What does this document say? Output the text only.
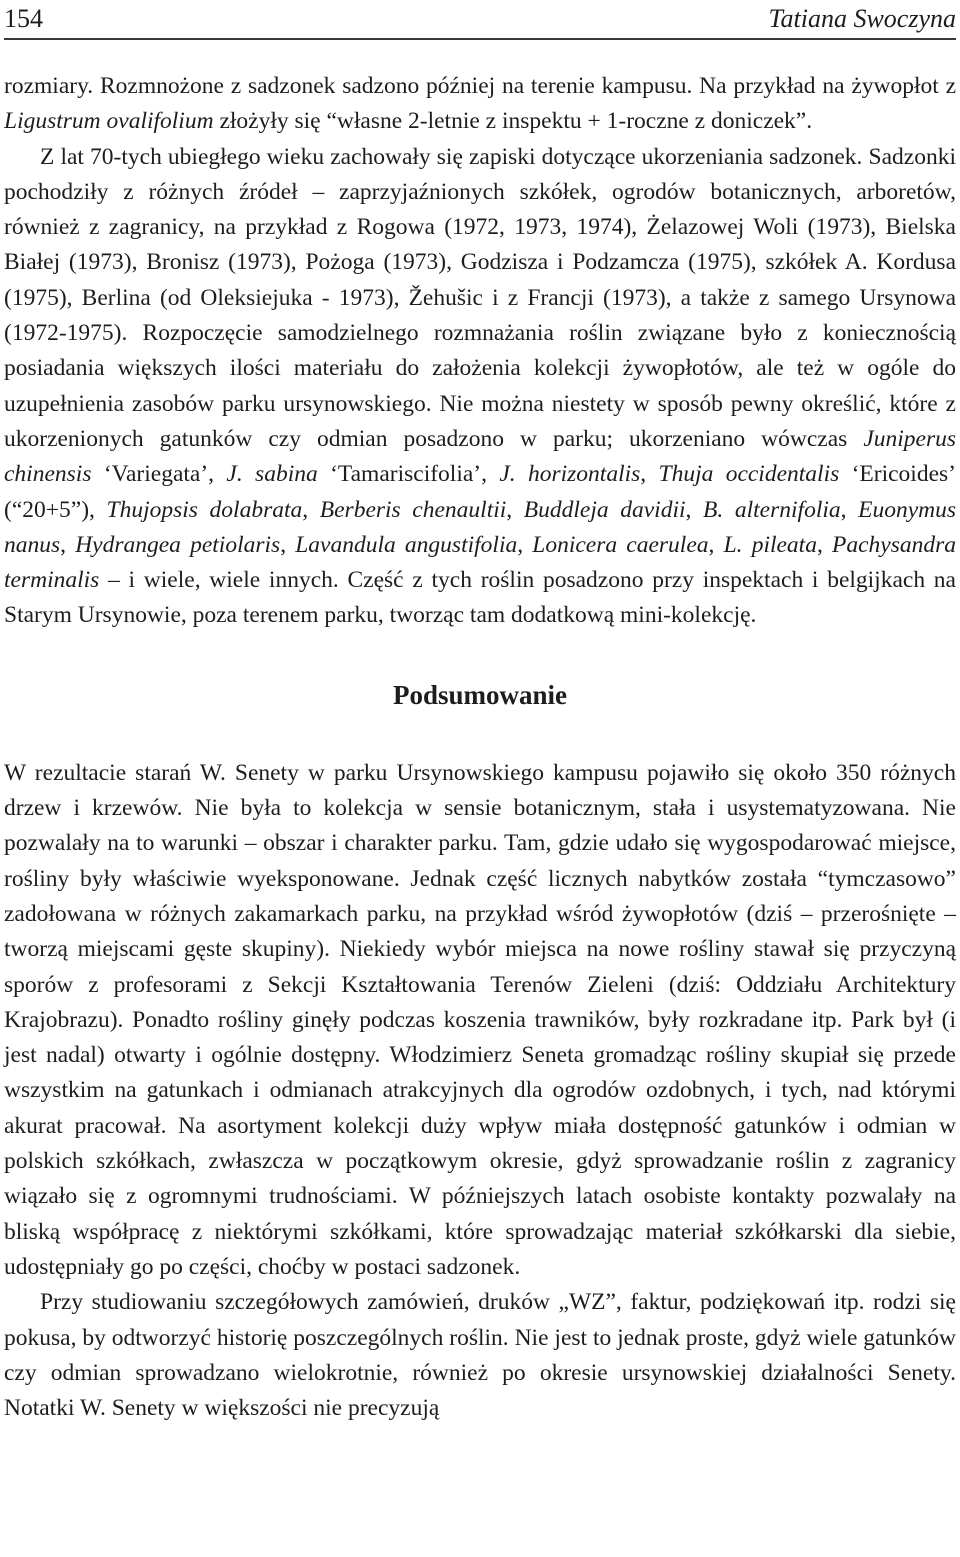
154	Tatiana Swoczyna

rozmiary. Rozmnożone z sadzonek sadzono później na terenie kampusu. Na przykład na żywopłot z Ligustrum ovalifolium złożyły się “własne 2-letnie z inspektu + 1-roczne z doniczek”.

Z lat 70-tych ubiegłego wieku zachowały się zapiski dotyczące ukorzeniania sadzonek. Sadzonki pochodziły z różnych źródeł – zaprzyjaźnionych szkółek, ogrodów botanicznych, arboretów, również z zagranicy, na przykład z Rogowa (1972, 1973, 1974), Żelazowej Woli (1973), Bielska Białej (1973), Bronisz (1973), Pożoga (1973), Godzisza i Podzamcza (1975), szkółek A. Kordusa (1975), Berlina (od Oleksiejuka - 1973), Žehušic i z Francji (1973), a także z samego Ursynowa (1972-1975). Rozpoczęcie samodzielnego rozmnażania roślin związane było z koniecznością posiadania większych ilości materiału do założenia kolekcji żywopłotów, ale też w ogóle do uzupełnienia zasobów parku ursynowskiego. Nie można niestety w sposób pewny określić, które z ukorzenionych gatunków czy odmian posadzono w parku; ukorzeniano wówczas Juniperus chinensis ‘Variegata’, J. sabina ‘Tamariscifolia’, J. horizontalis, Thuja occidentalis ‘Ericoides’ (“20+5”), Thujopsis dolabrata, Berberis chenaultii, Buddleja davidii, B. alternifolia, Euonymus nanus, Hydrangea petiolaris, Lavandula angustifolia, Lonicera caerulea, L. pileata, Pachysandra terminalis – i wiele, wiele innych. Część z tych roślin posadzono przy inspektach i belgijkach na Starym Ursynowie, poza terenem parku, tworząc tam dodatkową mini-kolekcję.

Podsumowanie

W rezultacie starań W. Senety w parku Ursynowskiego kampusu pojawiło się około 350 różnych drzew i krzewów. Nie była to kolekcja w sensie botanicznym, stała i usystematyzowana. Nie pozwalały na to warunki – obszar i charakter parku. Tam, gdzie udało się wygospodarować miejsce, rośliny były właściwie wyeksponowane. Jednak część licznych nabytków została “tymczasowo” zadołowana w różnych zakamarkach parku, na przykład wśród żywopłotów (dziś – przerośnięte – tworzą miejscami gęste skupiny). Niekiedy wybór miejsca na nowe rośliny stawał się przyczyną sporów z profesorami z Sekcji Kształtowania Terenów Zieleni (dziś: Oddziału Architektury Krajobrazu). Ponadto rośliny ginęły podczas koszenia trawników, były rozkradane itp. Park był (i jest nadal) otwarty i ogólnie dostępny. Włodzimierz Seneta gromadząc rośliny skupiał się przede wszystkim na gatunkach i odmianach atrakcyjnych dla ogrodów ozdobnych, i tych, nad którymi akurat pracował. Na asortyment kolekcji duży wpływ miała dostępność gatunków i odmian w polskich szkółkach, zwłaszcza w początkowym okresie, gdyż sprowadzanie roślin z zagranicy wiązało się z ogromnymi trudnościami. W późniejszych latach osobiste kontakty pozwalały na bliską współpracę z niektórymi szkółkami, które sprowadzając materiał szkółkarski dla siebie, udostępniały go po części, choćby w postaci sadzonek.

Przy studiowaniu szczegółowych zamówień, druków „WZ”, faktur, podziękowań itp. rodzi się pokusa, by odtworzyć historię poszczególnych roślin. Nie jest to jednak proste, gdyż wiele gatunków czy odmian sprowadzano wielokrotnie, również po okresie ursynowskiej działalności Senety. Notatki W. Senety w większości nie precyzują
